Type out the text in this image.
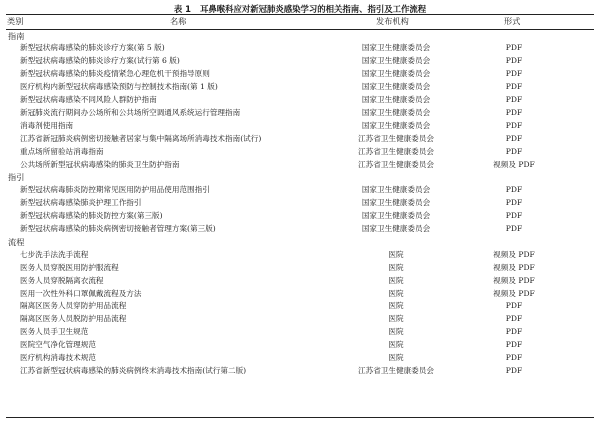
表 1 耳鼻喉科应对新冠肺炎感染学习的相关指南、指引及工作流程
类别	名称	发布机构	形式
指南
新型冠状病毒感染的肺炎诊疗方案(第 5 版)	国家卫生健康委员会	PDF
新型冠状病毒感染的肺炎诊疗方案(试行第 6 版)	国家卫生健康委员会	PDF
新型冠状病毒感染的肺炎疫情紧急心理危机干预指导原则	国家卫生健康委员会	PDF
医疗机构内新型冠状病毒感染预防与控制技术指南(第 1 版)	国家卫生健康委员会	PDF
新型冠状病毒感染不同风险人群防护指南	国家卫生健康委员会	PDF
新冠肺炎流行期间办公场所和公共场所空调通风系统运行管理指南	国家卫生健康委员会	PDF
消毒剂使用指南	国家卫生健康委员会	PDF
江苏省新冠肺炎病例密切接触者居家与集中隔离场所消毒技术指南(试行)	江苏省卫生健康委员会	PDF
重点场所留验站消毒指南	江苏省卫生健康委员会	PDF
公共场所新型冠状病毒感染的肺炎卫生防护指南	江苏省卫生健康委员会	视频及 PDF
指引
新型冠状病毒肺炎防控期常见医用防护用品使用范围指引	国家卫生健康委员会	PDF
新型冠状病毒感染肺炎护理工作指引	国家卫生健康委员会	PDF
新型冠状病毒感染的肺炎防控方案(第三版)	国家卫生健康委员会	PDF
新型冠状病毒感染的肺炎病例密切接触者管理方案(第三版)	国家卫生健康委员会	PDF
流程
七步洗手法洗手流程	医院	视频及 PDF
医务人员穿脱医用防护服流程	医院	视频及 PDF
医务人员穿脱隔离衣流程	医院	视频及 PDF
医用一次性外科口罩佩戴流程及方法	医院	视频及 PDF
隔离区医务人员穿防护用品流程	医院	PDF
隔离区医务人员脱防护用品流程	医院	PDF
医务人员手卫生规范	医院	PDF
医院空气净化管理规范	医院	PDF
医疗机构消毒技术规范	医院	PDF
江苏省新型冠状病毒感染的肺炎病例终末消毒技术指南(试行第二版)	江苏省卫生健康委员会	PDF
